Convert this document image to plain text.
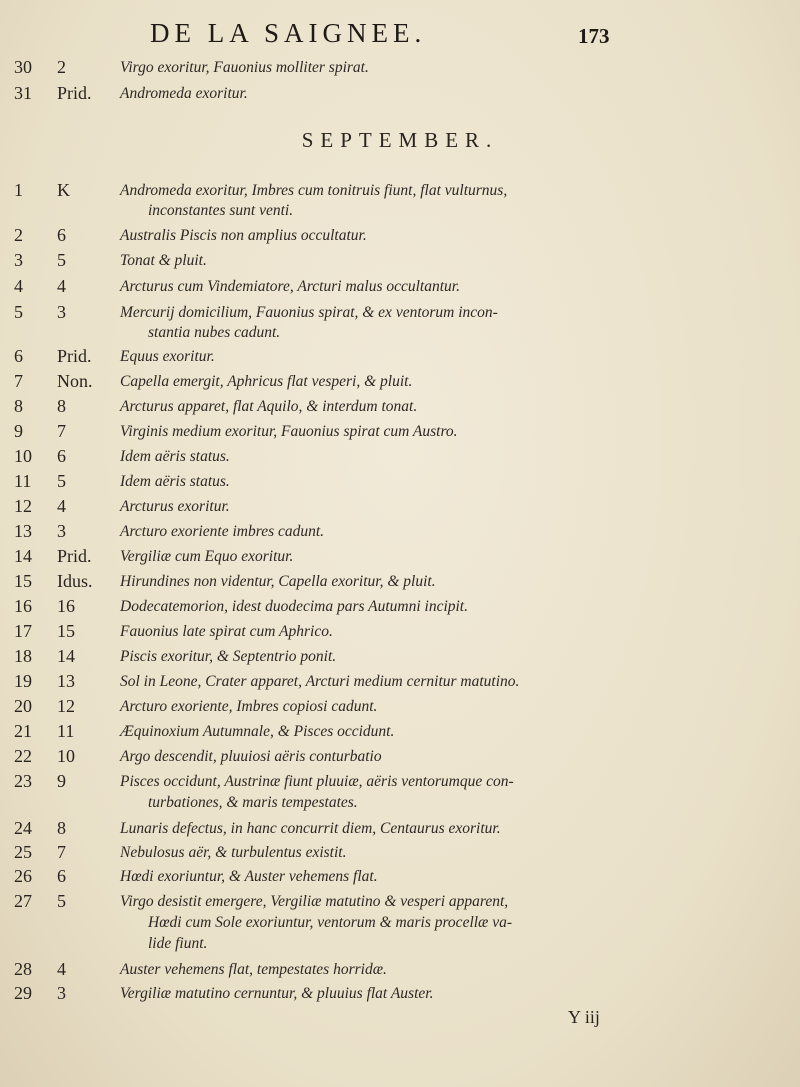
DE LA SAIGNEE.	173
30	2	Virgo exoritur, Fauonius molliter spirat.
31	Prid.	Andromeda exoritur.
SEPTEMBER.
1	K	Andromeda exoritur, Imbres cum tonitruis fiunt, flat vulturnus,
inconstantes sunt venti.
2	6	Australis Piscis non amplius occultatur.
3	5	Tonat & pluit.
4	4	Arcturus cum Vindemiatore, Arcturi malus occultantur.
5	3	Mercurij domicilium, Fauonius spirat, & ex ventorum incon-
stantia nubes cadunt.
6	Prid.	Equus exoritur.
7	Non.	Capella emergit, Aphricus flat vesperi, & pluit.
8	8	Arcturus apparet, flat Aquilo, & interdum tonat.
9	7	Virginis medium exoritur, Fauonius spirat cum Austro.
10	6	Idem aëris status.
11	5	Idem aëris status.
12	4	Arcturus exoritur.
13	3	Arcturo exoriente imbres cadunt.
14	Prid.	Vergiliæ cum Equo exoritur.
15	Idus.	Hirundines non videntur, Capella exoritur, & pluit.
16	16	Dodecatemorion, idest duodecima pars Autumni incipit.
17	15	Fauonius late spirat cum Aphrico.
18	14	Piscis exoritur, & Septentrio ponit.
19	13	Sol in Leone, Crater apparet, Arcturi medium cernitur matutino.
20	12	Arcturo exoriente, Imbres copiosi cadunt.
21	11	Æquinoxium Autumnale, & Pisces occidunt.
22	10	Argo descendit, pluuiosi aëris conturbatio
23	9	Pisces occidunt, Austrinæ fiunt pluuiæ, aëris ventorumque con-
turbationes, & maris tempestates.
24	8	Lunaris defectus, in hanc concurrit diem, Centaurus exoritur.
25	7	Nebulosus aër, & turbulentus existit.
26	6	Hœdi exoriuntur, & Auster vehemens flat.
27	5	Virgo desistit emergere, Vergiliæ matutino & vesperi apparent,
Hœdi cum Sole exoriuntur, ventorum & maris procellæ va-
lide fiunt.
28	4	Auster vehemens flat, tempestates horridæ.
29	3	Vergiliæ matutino cernuntur, & pluuius flat Auster.
Y iij
